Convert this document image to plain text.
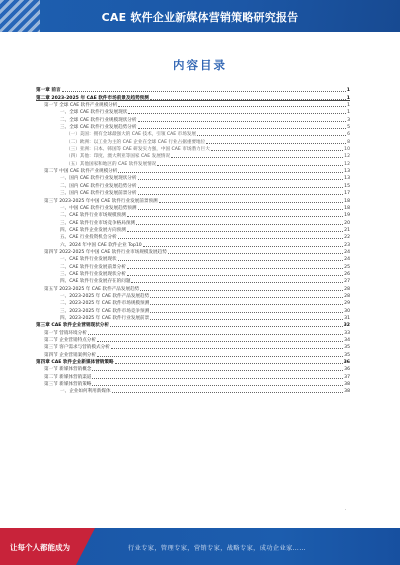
CAE 软件企业新媒体营销策略研究报告
内容目录
第一章 前言	1
第二章 2023-2025 年 CAE 软件市场前景及趋势预测	1
第一节 全球 CAE 软件产业规模分析	1
一、全球 CAE 软件行业发展现状	1
二、全球 CAE 软件行业规模现状分析	3
三、全球 CAE 软件行业发展趋势分析	5
（一）美国：拥有全球最强大的 CAE 技术，引领 CAE 市场发展	6
（二）欧洲：以工业为主的 CAE 企业在全球 CAE 行业占据重要地位	8
（三）亚洲：日本、韩国等 CAE 研发实力强，中国 CAE 市场潜力巨大	10
（四）其他：印度、澳大利亚等国家 CAE 发展情况	12
（五）其他国家和地区的 CAE 软件发展情况	12
第二节 中国 CAE 软件产业规模分析	13
一、国内 CAE 软件行业发展现状分析	13
二、国内 CAE 软件行业发展趋势分析	15
三、国内 CAE 软件行业发展前景分析	17
第三节 2023-2025 年中国 CAE 软件行业发展前景预测	18
一、中国 CAE 软件行业发展趋势预测	18
二、CAE 软件行业市场规模预测	19
三、CAE 软件行业市场竞争格局预测	20
四、CAE 软件企业发展方向预测	21
五、CAE 行业投资机会分析	22
六、2024 年中国 CAE 软件企业 Top10	23
第四节 2022-2025 年中国 CAE 软件行业市场规模发展趋势	24
一、CAE 软件行业发展现状	24
二、CAE 软件行业发展前景分析	25
三、CAE 软件行业发展现状分析	26
四、CAE 软件行业发展存在的问题	27
第五节 2023-2025 年 CAE 软件产品发展趋势	28
一、2023-2025 年 CAE 软件产品发展趋势	28
二、2023-2025 年 CAE 软件市场规模预测	29
三、2023-2025 年 CAE 软件市场竞争预测	30
四、2023-2025 年 CAE 软件行业发展前景	31
第三章 CAE 软件企业营销现状分析	32
第一节 营销环境分析	33
第二节 企业营销特点分析	34
第三节 客户需求与营销模式分析	35
第四节 企业营销案例分析	35
第四章 CAE 软件企业新媒体营销策略	36
第一节 新媒体营销概念	36
第二节 新媒体营销渠道	37
第三节 新媒体营销策略	38
一、企业如何利用新媒体	38
·
让每个人都能成为	行业专家，管理专家，营销专家，战略专家，成功企业家……
